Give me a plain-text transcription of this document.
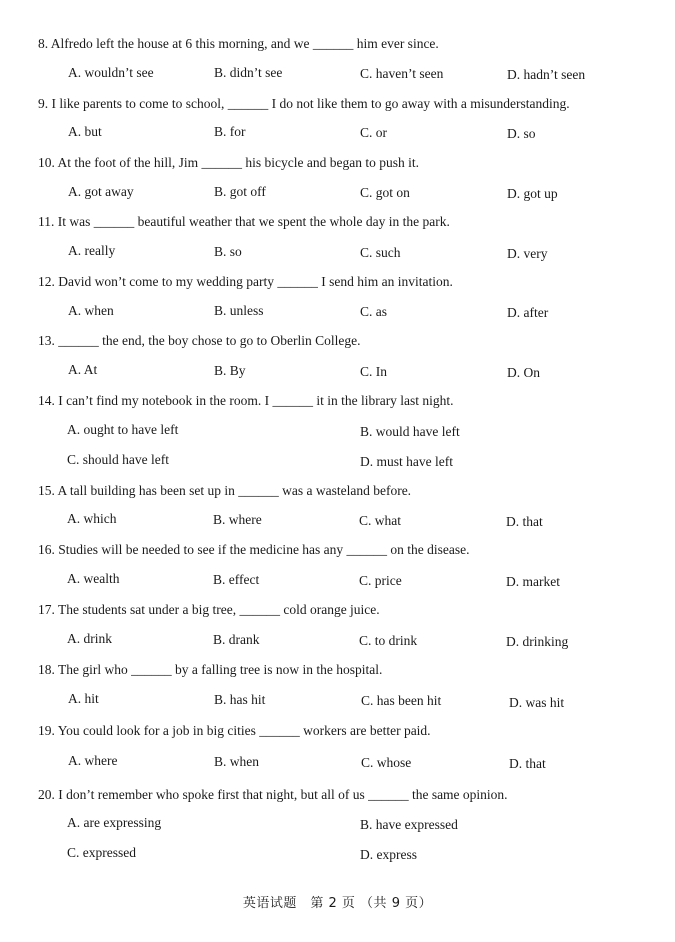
8. Alfredo left the house at 6 this morning, and we ______ him ever since.
A. wouldn’t see	B. didn’t see	C. haven’t seen	D. hadn’t seen
9. I like parents to come to school, ______ I do not like them to go away with a misunderstanding.
A. but	B. for	C. or	D. so
10. At the foot of the hill, Jim ______ his bicycle and began to push it.
A. got away	B. got off	C. got on	D. got up
11. It was ______ beautiful weather that we spent the whole day in the park.
A. really	B. so	C. such	D. very
12. David won’t come to my wedding party ______ I send him an invitation.
A. when	B. unless	C. as	D. after
13. ______ the end, the boy chose to go to Oberlin College.
A. At	B. By	C. In	D. On
14. I can’t find my notebook in the room. I ______ it in the library last night.
A. ought to have left	B. would have left
C. should have left	D. must have left
15. A tall building has been set up in ______ was a wasteland before.
A. which	B. where	C. what	D. that
16. Studies will be needed to see if the medicine has any ______ on the disease.
A. wealth	B. effect	C. price	D. market
17. The students sat under a big tree, ______ cold orange juice.
A. drink	B. drank	C. to drink	D. drinking
18. The girl who ______ by a falling tree is now in the hospital.
A. hit	B. has hit	C. has been hit	D. was hit
19. You could look for a job in big cities ______ workers are better paid.
A. where	B. when	C. whose	D. that
20. I don’t remember who spoke first that night, but all of us ______ the same opinion.
A. are expressing	B. have expressed
C. expressed	D. express
英语试题　第 2 页 （共 9 页）
